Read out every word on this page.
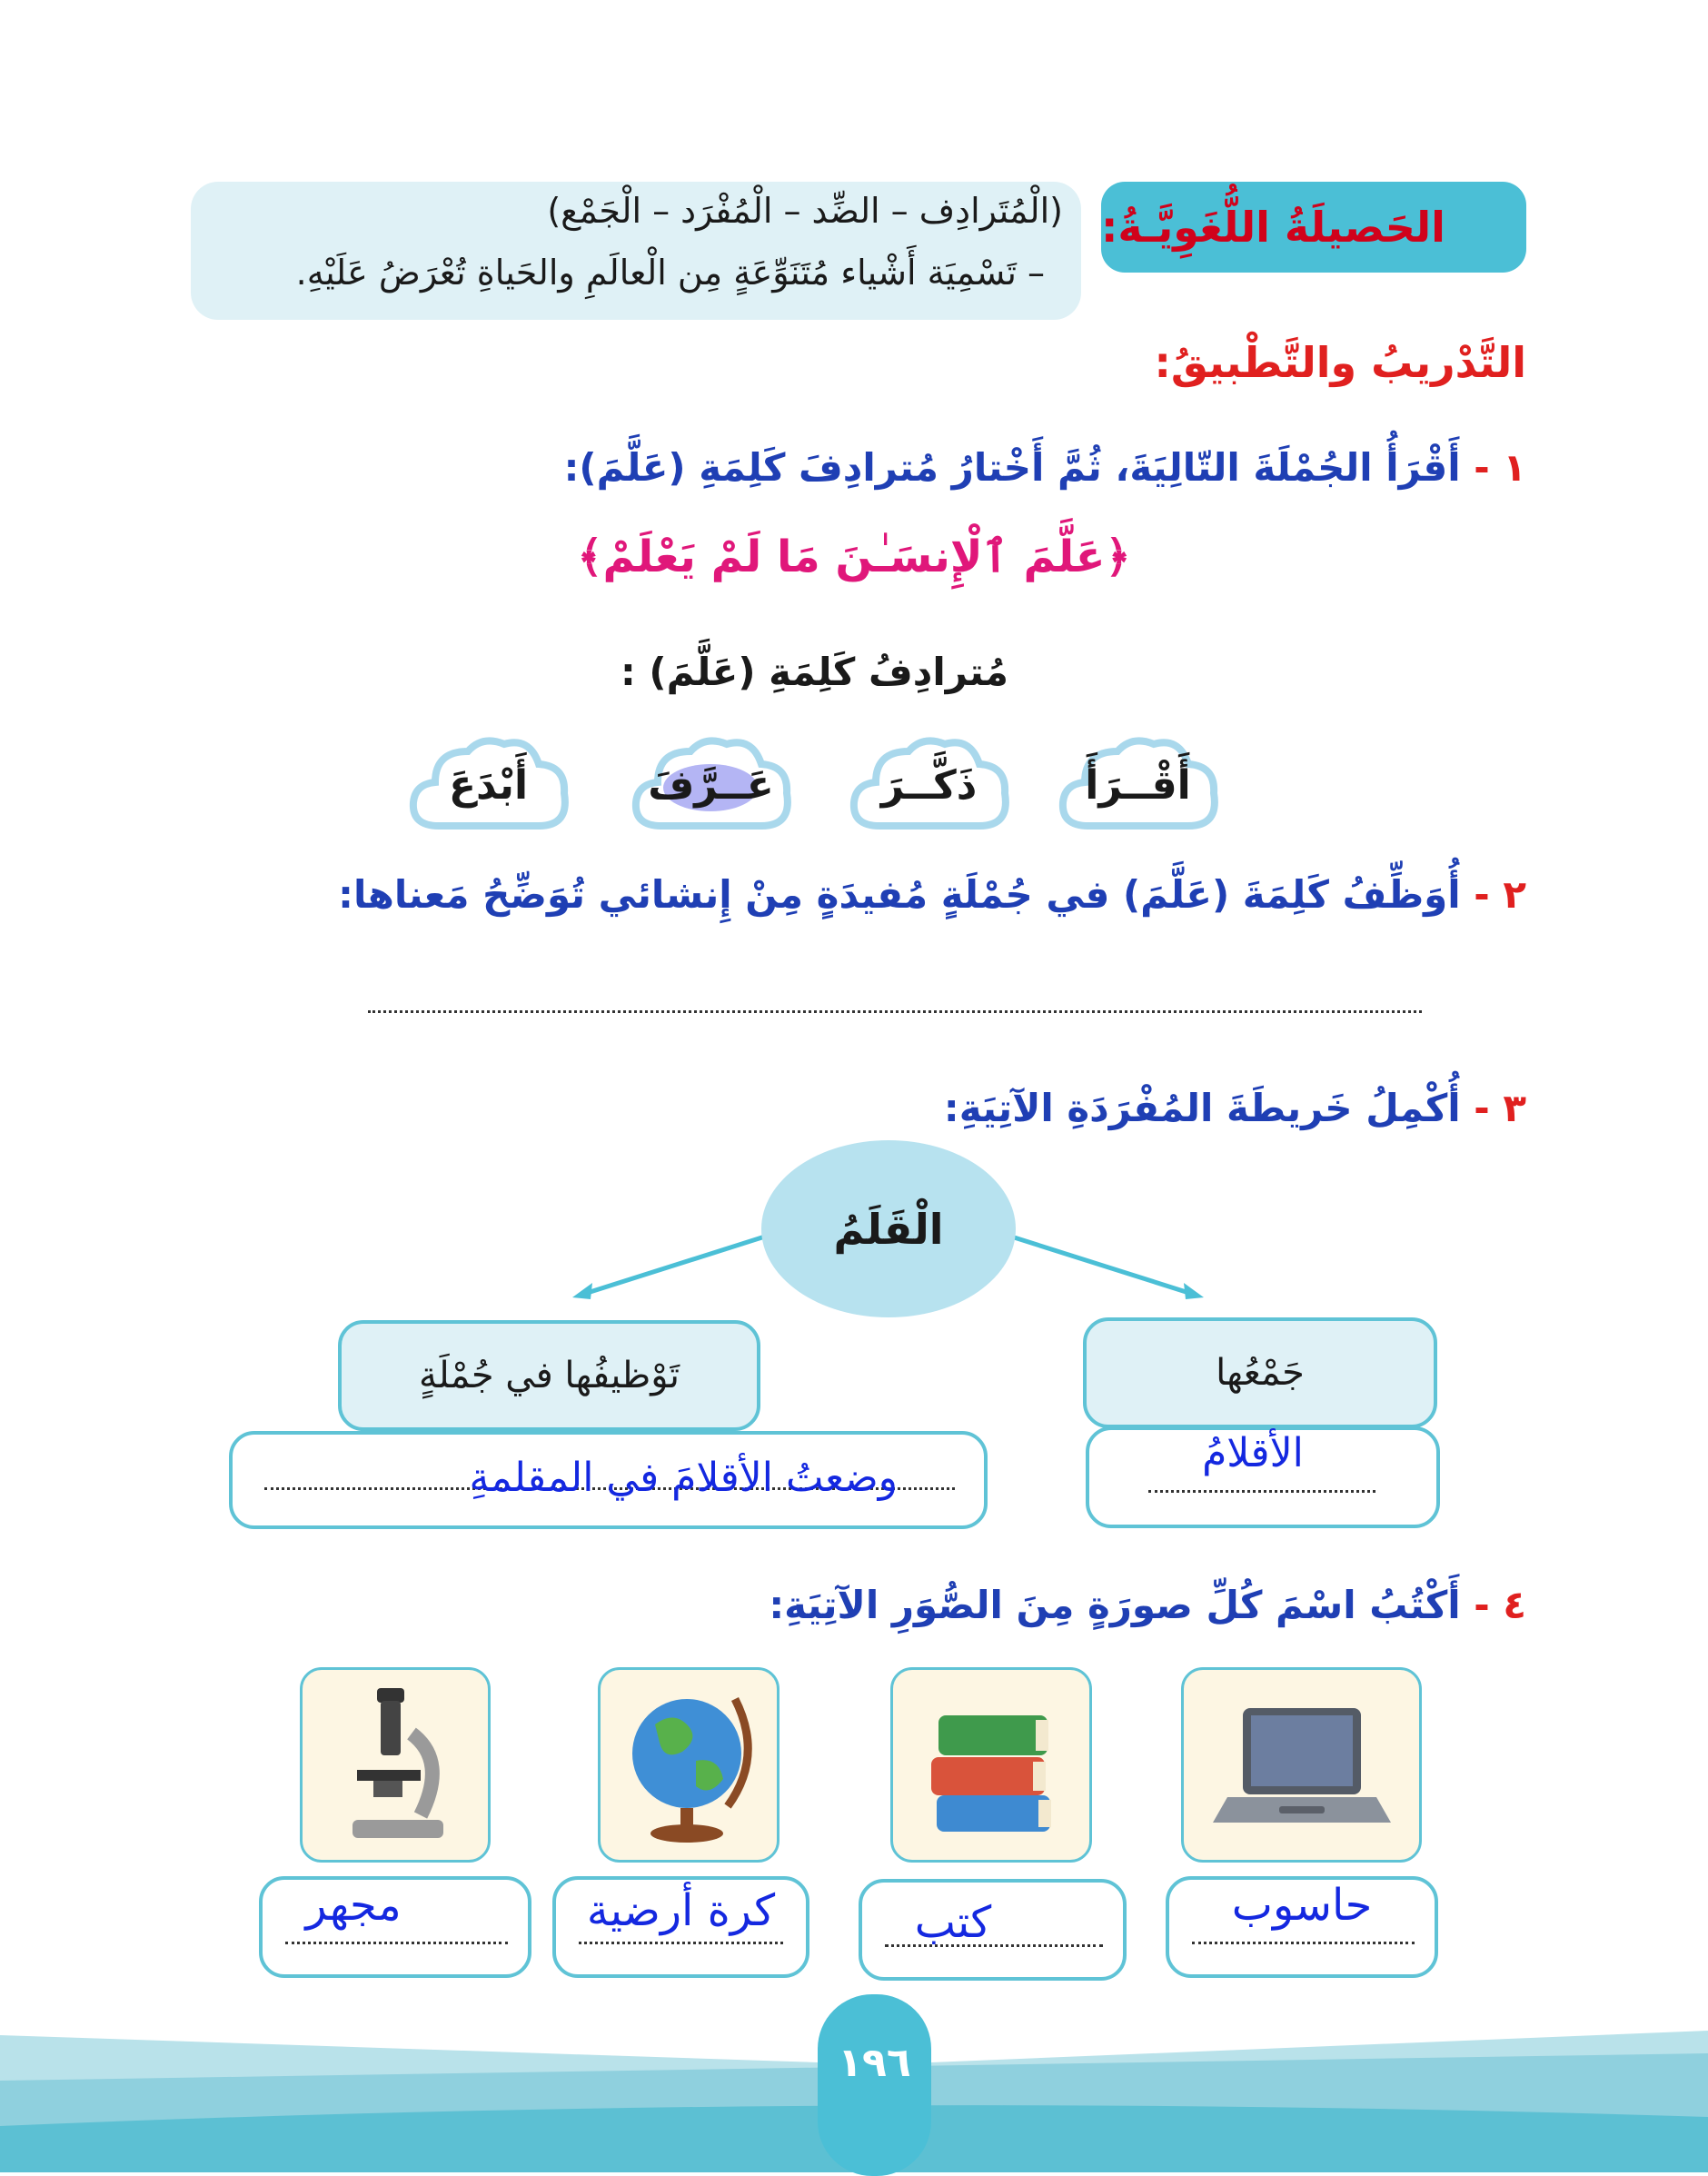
الحَصيلَةُ اللُّغَوِيَّـةُ:
(الْمُتَرادِف – الضِّد – الْمُفْرَد – الْجَمْع)
– تَسْمِيَة أَشْياء مُتَنَوِّعَةٍ مِن الْعالَمِ والحَياةِ تُعْرَضُ عَلَيْهِ.
التَّدْريبُ والتَّطْبيقُ:
١ - أَقْرَأُ الجُمْلَةَ التّالِيَةَ، ثُمَّ أَخْتارُ مُترادِفَ كَلِمَةِ (عَلَّمَ):
﴿عَلَّمَ ٱلْإِنسَـٰنَ مَا لَمْ يَعْلَمْ﴾
مُترادِفُ كَلِمَةِ (عَلَّمَ) :
أَقْــرَأَ
ذَكَّــرَ
عَــرَّفَ
أَبْدَعَ
٢ - أُوَظِّفُ كَلِمَةَ (عَلَّمَ) في جُمْلَةٍ مُفيدَةٍ مِنْ إِنشائي تُوَضِّحُ مَعناها:
٣ - أُكْمِلُ خَريطَةَ المُفْرَدَةِ الآتِيَةِ:
الْقَلَمُ
تَوْظيفُها في جُمْلَةٍ	جَمْعُها
وضعتُ الأقلامَ في المقلمةِ
الأقلامُ
٤ - أَكْتُبُ اسْمَ كُلِّ صورَةٍ مِنَ الصُّوَرِ الآتِيَةِ:
حاسوب
كتب
كرة أرضية
مجهر
١٩٦
